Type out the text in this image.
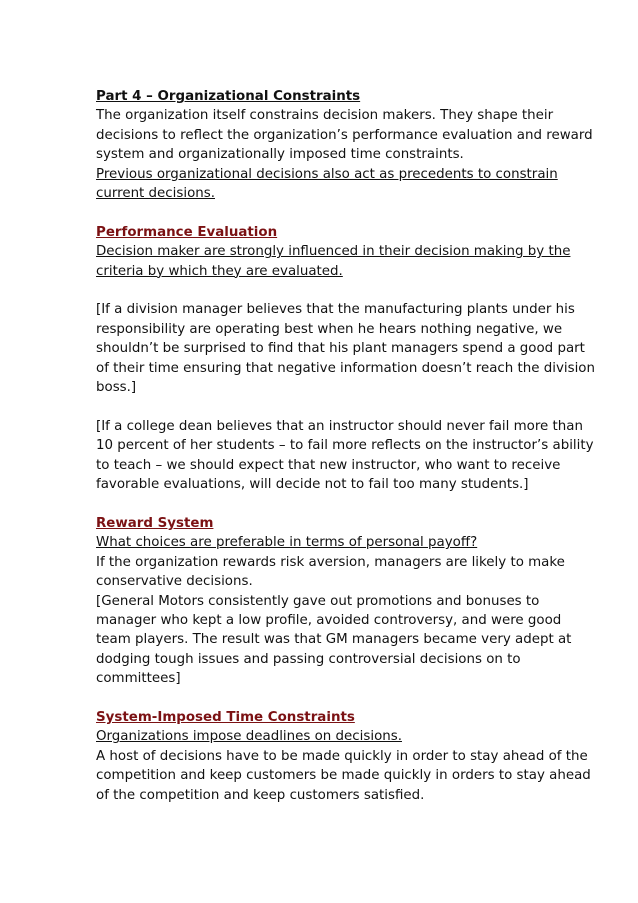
Part 4 – Organizational Constraints

The organization itself constrains decision makers. They shape their decisions to reflect the organization’s performance evaluation and reward system and organizationally imposed time constraints.

Previous organizational decisions also act as precedents to constrain current decisions.

Performance Evaluation

Decision maker are strongly influenced in their decision making by the criteria by which they are evaluated.

[If a division manager believes that the manufacturing plants under his responsibility are operating best when he hears nothing negative, we shouldn’t be surprised to find that his plant managers spend a good part of their time ensuring that negative information doesn’t reach the division boss.]

[If a college dean believes that an instructor should never fail more than 10 percent of her students – to fail more reflects on the instructor’s ability to teach – we should expect that new instructor, who want to receive favorable evaluations, will decide not to fail too many students.]

Reward System

What choices are preferable in terms of personal payoff?

If the organization rewards risk aversion, managers are likely to make conservative decisions.

[General Motors consistently gave out promotions and bonuses to manager who kept a low profile, avoided controversy, and were good team players. The result was that GM managers became very adept at dodging tough issues and passing controversial decisions on to committees]

System-Imposed Time Constraints

Organizations impose deadlines on decisions.

A host of decisions have to be made quickly in order to stay ahead of the competition and keep customers be made quickly in orders to stay ahead of the competition and keep customers satisfied.
